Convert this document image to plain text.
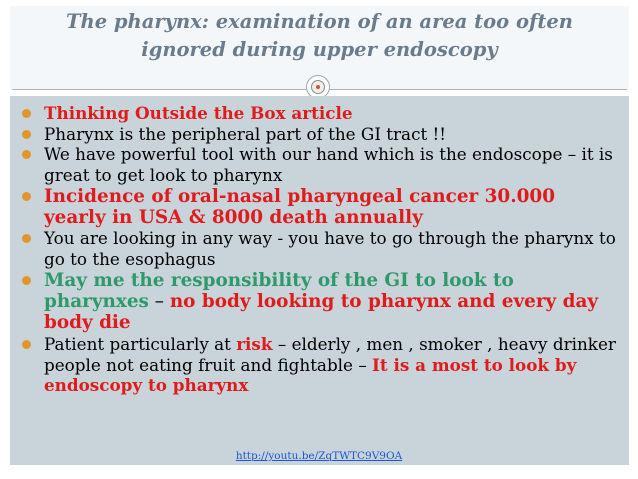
The pharynx: examination of an area too often
ignored during upper endoscopy
Thinking Outside the Box article
Pharynx is the peripheral part of the GI tract !!
We have powerful tool with our hand which is the endoscope – it is great to get look to pharynx
Incidence of oral-nasal pharyngeal cancer 30.000 yearly in USA & 8000 death annually
You are looking in any way - you have to go through the pharynx to go to the esophagus
May me the responsibility of the GI to look to pharynxes – no body looking to pharynx and every day body die
Patient particularly at risk – elderly , men , smoker , heavy drinker people not eating fruit and fightable – It is a most to look by endoscopy to pharynx
http://youtu.be/ZqTWTC9V9OA
